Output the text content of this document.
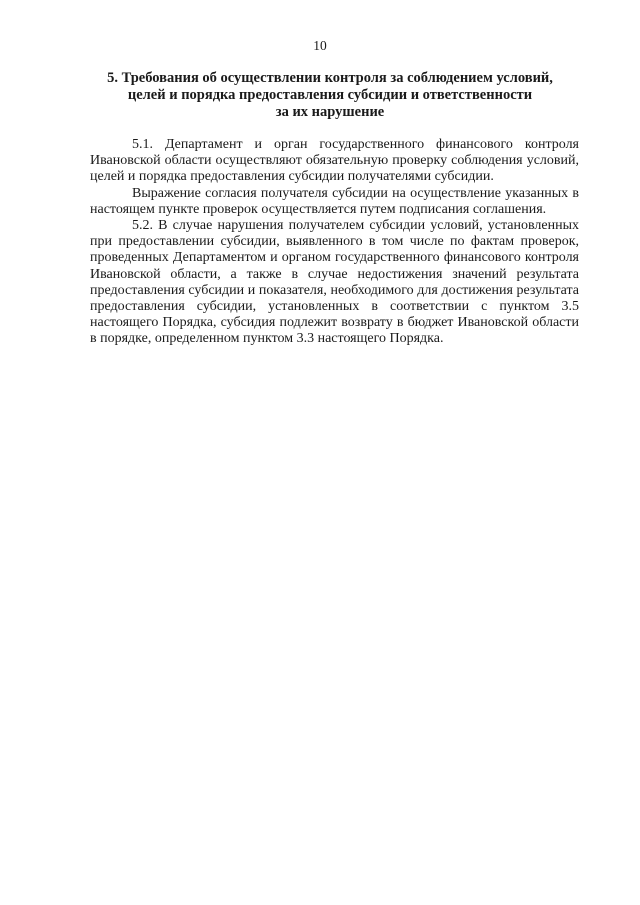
10
5. Требования об осуществлении контроля за соблюдением условий,
целей и порядка предоставления субсидии и ответственности
за их нарушение

5.1. Департамент и орган государственного финансового контроля Ивановской области осуществляют обязательную проверку соблюдения условий, целей и порядка предоставления субсидии получателями субсидии.

Выражение согласия получателя субсидии на осуществление указанных в настоящем пункте проверок осуществляется путем подписания соглашения.

5.2. В случае нарушения получателем субсидии условий, установленных при предоставлении субсидии, выявленного в том числе по фактам проверок, проведенных Департаментом и органом государственного финансового контроля Ивановской области, а также в случае недостижения значений результата предоставления субсидии и показателя, необходимого для достижения результата предоставления субсидии, установленных в соответствии с пунктом 3.5 настоящего Порядка, субсидия подлежит возврату в бюджет Ивановской области в порядке, определенном пунктом 3.3 настоящего Порядка.
